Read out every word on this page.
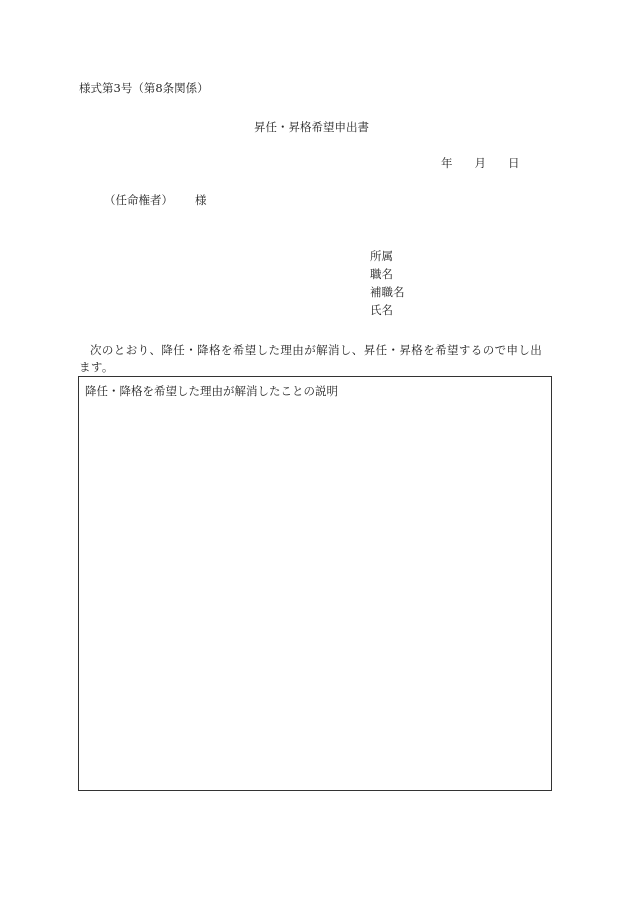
様式第3号（第8条関係）
昇任・昇格希望申出書
年 月 日
（任命権者） 様
所属
職名
補職名
氏名
次のとおり、降任・降格を希望した理由が解消し、昇任・昇格を希望するので申し出ます。
降任・降格を希望した理由が解消したことの説明
